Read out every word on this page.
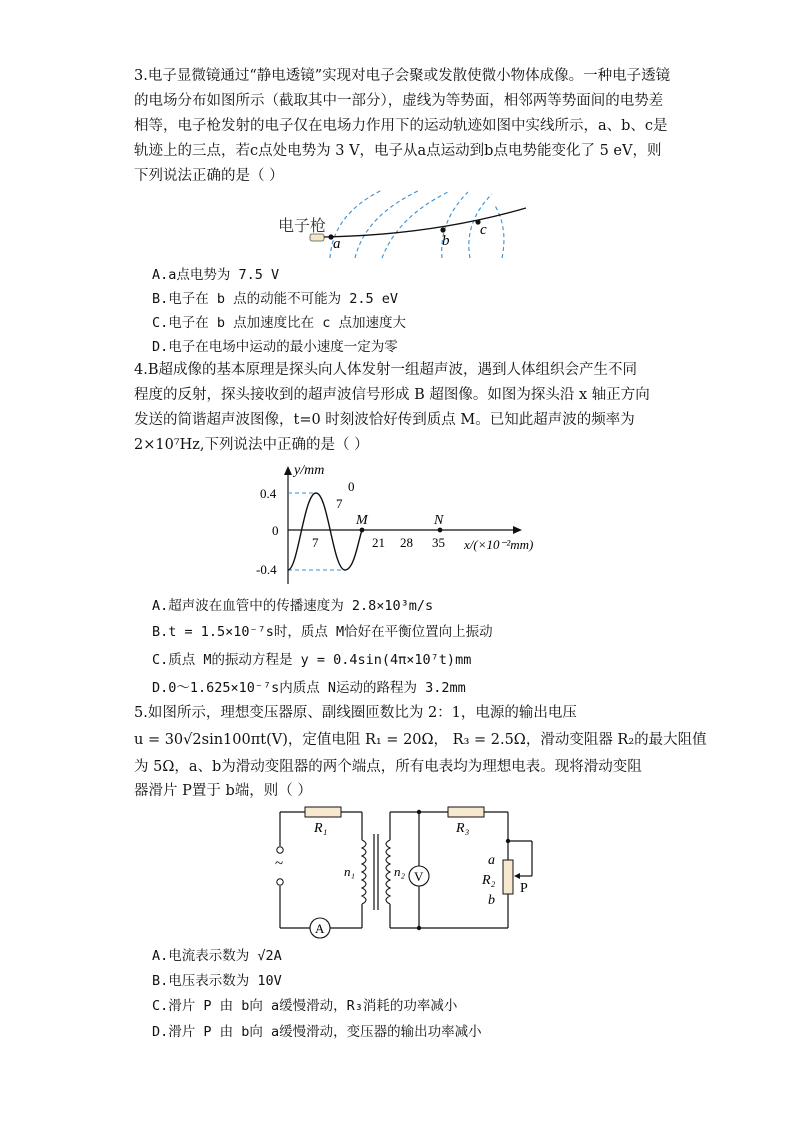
3.电子显微镜通过“静电透镜”实现对电子会聚或发散使微小物体成像。一种电子透镜的电场分布如图所示（截取其中一部分），虚线为等势面，相邻两等势面间的电势差相等，电子枪发射的电子仅在电场力作用下的运动轨迹如图中实线所示，a、b、c是轨迹上的三点，若c点处电势为 3 V，电子从a点运动到b点电势能变化了 5 eV，则下列说法正确的是（ ）
电子枪
a	b
c
A.a点电势为 7.5 V
B.电子在 b 点的动能不可能为 2.5 eV
C.电子在 b 点加速度比在 c 点加速度大
D.电子在电场中运动的最小速度一定为零
4.B超成像的基本原理是探头向人体发射一组超声波，遇到人体组织会产生不同
程度的反射，探头接收到的超声波信号形成 B 超图像。如图为探头沿 x 轴正方向
发送的简谐超声波图像，t=0 时刻波恰好传到质点 M。已知此超声波的频率为
2×10⁷Hz,下列说法中正确的是（ ）
y/mm
x/(×10⁻²mm)
0.4
0
-0.4
7	21 28 35
0
7
M	N
A.超声波在血管中的传播速度为 2.8×10³m/s
B.t = 1.5×10⁻⁷s时，质点 M恰好在平衡位置向上振动
C.质点 M的振动方程是 y = 0.4sin(4π×10⁷t)mm
D.0～1.625×10⁻⁷s内质点 N运动的路程为 3.2mm
5.如图所示，理想变压器原、副线圈匝数比为 2：1，电源的输出电压
u = 30√2sin100πt(V)，定值电阻 R₁ = 20Ω， R₃ = 2.5Ω，滑动变阻器 R₂的最大阻值
为 5Ω，a、b为滑动变阻器的两个端点，所有电表均为理想电表。现将滑动变阻
器滑片 P置于 b端，则（ ）
~
A
R₁
n₁	n₂
R₃
V
a
R₂
P
b
A.电流表示数为 √2A
B.电压表示数为 10V
C.滑片 P 由 b向 a缓慢滑动，R₃消耗的功率减小
D.滑片 P 由 b向 a缓慢滑动，变压器的输出功率减小
